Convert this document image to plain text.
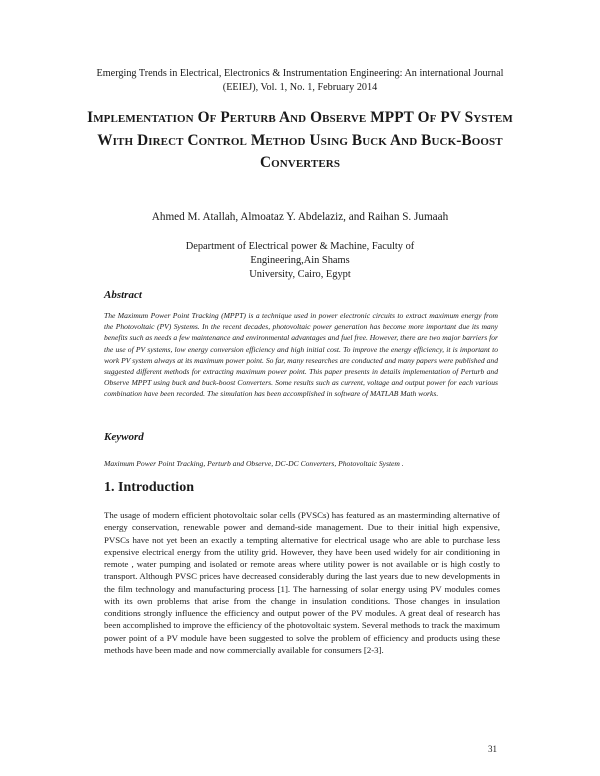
Emerging Trends in Electrical, Electronics & Instrumentation Engineering: An international Journal
(EEIEJ), Vol. 1, No. 1, February 2014
Implementation Of Perturb And Observe MPPT Of PV System With Direct Control Method Using Buck And Buck-Boost Converters
Ahmed M. Atallah, Almoataz Y. Abdelaziz, and Raihan S. Jumaah
Department of Electrical power & Machine, Faculty of Engineering,Ain Shams
University, Cairo, Egypt
Abstract
The Maximum Power Point Tracking (MPPT) is a technique used in power electronic circuits to extract maximum energy from the Photovoltaic (PV) Systems. In the recent decades, photovoltaic power generation has become more important due its many benefits such as needs a few maintenance and environmental advantages and fuel free. However, there are two major barriers for the use of PV systems, low energy conversion efficiency and high initial cost. To improve the energy efficiency, it is important to work PV system always at its maximum power point. So far, many researches are conducted and many papers were published and suggested different methods for extracting maximum power point. This paper presents in details implementation of Perturb and Observe MPPT using buck and buck-boost Converters. Some results such as current, voltage and output power for each various combination have been recorded. The simulation has been accomplished in software of MATLAB Math works.
Keyword
Maximum Power Point Tracking, Perturb and Observe, DC-DC Converters, Photovoltaic System .
1. Introduction
The usage of modern efficient photovoltaic solar cells (PVSCs) has featured as an masterminding alternative of energy conservation, renewable power and demand-side management. Due to their initial high expensive, PVSCs have not yet been an exactly a tempting alternative for electrical usage who are able to purchase less expensive electrical energy from the utility grid. However, they have been used widely for air conditioning in remote , water pumping and isolated or remote areas where utility power is not available or is high costly to transport. Although PVSC prices have decreased considerably during the last years due to new developments in the film technology and manufacturing process [1]. The harnessing of solar energy using PV modules comes with its own problems that arise from the change in insulation conditions. Those changes in insulation conditions strongly influence the efficiency and output power of the PV modules. A great deal of research has been accomplished to improve the efficiency of the photovoltaic system. Several methods to track the maximum power point of a PV module have been suggested to solve the problem of efficiency and products using these methods have been made and now commercially available for consumers [2-3].
31
